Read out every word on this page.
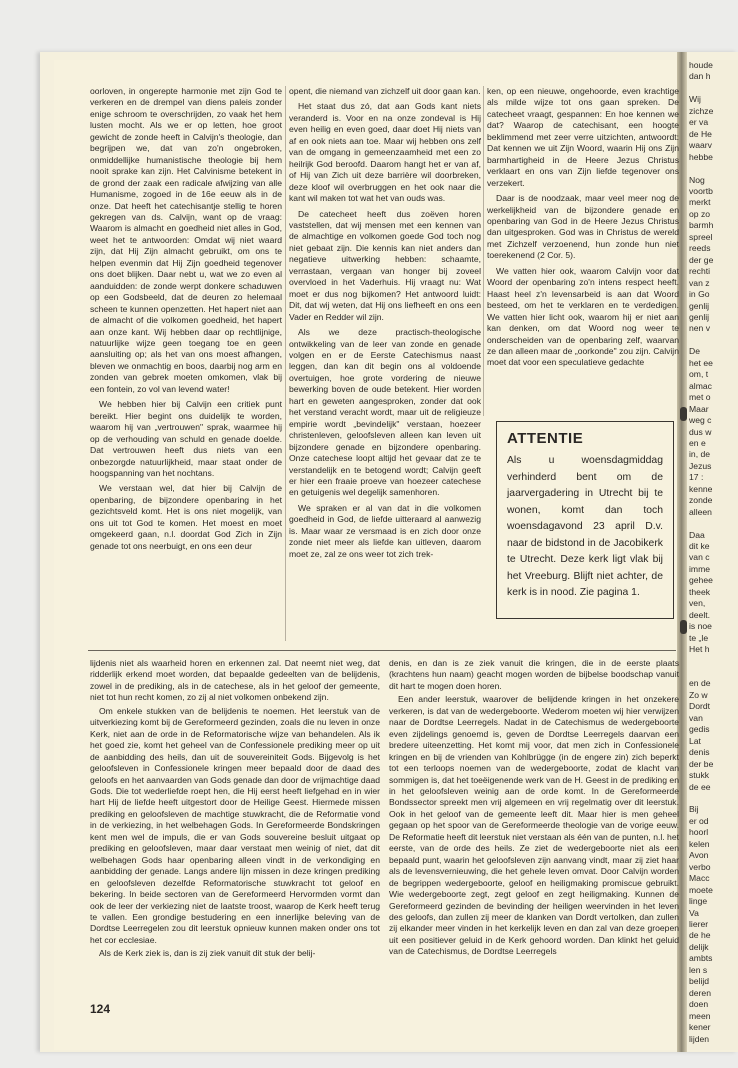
houde
dan h

Wij
zichze
er va
de He
waarv
hebbe

Nog
voortb
merkt
op zo
barmh
spreel
reeds
der ge
rechti
van z
in Go
genlij
genlij
nen v

De
het ee
om, t
almac
met o
Maar
weg c
dus w
en e
in, de
Jezus
17 :
kenne
zonde
alleen

Daa
dit ke
van c
imme
gehee
theek
ven,
deelt.
is noe
te „le
Het h

en de
Zo w
Dordt
van
gedis
Lat
denis
der be
stukk
de ee

Bij
er od
hoorl
kelen
Avon
verbo
Macc
moete
linge
Va
lierer
de he
delijk
ambts
len s
belijd
deren
doen
meen
kener
lijden

oorloven, in ongerepte harmonie met zijn God te verkeren en de drempel van diens paleis zonder enige schroom te overschrijden, zo vaak het hem lusten mocht. Als we er op letten, hoe groot gewicht de zonde heeft in Calvijn's theologie, dan begrijpen we, dat van zo'n ongebroken, onmiddellijke humanistische theologie bij hem nooit sprake kan zijn. Het Calvinisme betekent in de grond der zaak een radicale afwijzing van alle Humanisme, zogoed in de 16e eeuw als in de onze. Dat heeft het catechisantje stellig te horen gekregen van ds. Calvijn, want op de vraag: Waarom is almacht en goedheid niet alles in God, weet het te antwoorden: Omdat wij niet waard zijn, dat Hij Zijn almacht gebruikt, om ons te helpen evenmin dat Hij Zijn goedheid tegenover ons doet blijken. Daar nebt u, wat we zo even al aanduidden: de zonde werpt donkere schaduwen op een Godsbeeld, dat de deuren zo helemaal scheen te kunnen openzetten. Het hapert niet aan de almacht of die volkomen goedheid, het hapert aan onze kant. Wij hebben daar op rechtlijnige, natuurlijke wijze geen toegang toe en geen aansluiting op; als het van ons moest afhangen, bleven we onmachtig en boos, daarbij nog arm en zonden van gebrek moeten omkomen, vlak bij een fontein, zo vol van levend water!

We hebben hier bij Calvijn een critiek punt bereikt. Hier begint ons duidelijk te worden, waarom hij van „vertrouwen" sprak, waarmee hij op de verhouding van schuld en genade doelde. Dat vertrouwen heeft dus niets van een onbezorgde natuurlijkheid, maar staat onder de hoogspanning van het nochtans.

We verstaan wel, dat hier bij Calvijn de openbaring, de bijzondere openbaring in het gezichtsveld komt. Het is ons niet mogelijk, van ons uit tot God te komen. Het moest en moet omgekeerd gaan, n.l. doordat God Zich in Zijn genade tot ons neerbuigt, en ons een deur

opent, die niemand van zichzelf uit door gaan kan.

Het staat dus zó, dat aan Gods kant niets veranderd is. Voor en na onze zondeval is Hij even heilig en even goed, daar doet Hij niets van af en ook niets aan toe. Maar wij hebben ons zelf van de omgang in gemeenzaamheid met een zo heilrijk God beroofd. Daarom hangt het er van af, of Hij van Zich uit deze barrière wil doorbreken, deze kloof wil overbruggen en het ook naar die kant wil maken tot wat het van ouds was.

De catecheet heeft dus zoëven horen vaststellen, dat wij mensen met een kennen van de almachtige en volkomen goede God toch nog niet gebaat zijn. Die kennis kan niet anders dan negatieve uitwerking hebben: schaamte, verrastaan, vergaan van honger bij zoveel overvloed in het Vaderhuis. Hij vraagt nu: Wat moet er dus nog bijkomen? Het antwoord luidt: Dit, dat wij weten, dat Hij ons liefheeft en ons een Vader en Redder wil zijn.

Als we deze practisch-theologische ontwikkeling van de leer van zonde en genade volgen en er de Eerste Catechismus naast leggen, dan kan dit begin ons al voldoende overtuigen, hoe grote vordering de nieuwe bewerking boven de oude betekent. Hier worden hart en geweten aangesproken, zonder dat ook het verstand veracht wordt, maar uit de religieuze empirie wordt „bevindelijk" verstaan, hoezeer christenleven, geloofsleven alleen kan leven uit bijzondere genade en bijzondere openbaring. Onze catechese loopt altijd het gevaar dat ze te verstandelijk en te betogend wordt; Calvijn geeft er hier een fraaie proeve van hoezeer catechese en getuigenis wel degelijk samenhoren.

We spraken er al van dat in die volkomen goedheid in God, de liefde uitteraard al aanwezig is. Maar waar ze versmaad is en zich door onze zonde niet meer als liefde kan uitleven, daarom moet ze, zal ze ons weer tot zich trek-

ken, op een nieuwe, ongehoorde, even krachtige als milde wijze tot ons gaan spreken. De catecheet vraagt, gespannen: En hoe kennen we dat? Waarop de catechisant, een hoogte beklimmend met zeer verre uitzichten, antwoordt: Dat kennen we uit Zijn Woord, waarin Hij ons Zijn barmhartigheid in de Heere Jezus Christus verklaart en ons van Zijn liefde tegenover ons verzekert.

Daar is de noodzaak, maar veel meer nog de werkelijkheid van de bijzondere genade en openbaring van God in de Heere Jezus Christus dan uitgesproken. God was in Christus de wereld met Zichzelf verzoenend, hun zonde hun niet toerekenend (2 Cor. 5).

We vatten hier ook, waarom Calvijn voor dat Woord der openbaring zo'n intens respect heeft. Haast heel z'n levensarbeid is aan dat Woord besteed, om het te verklaren en te verdedigen. We vatten hier licht ook, waarom hij er niet aan kan denken, om dat Woord nog weer te onderscheiden van de openbaring zelf, waarvan ze dan alleen maar de „oorkonde" zou zijn. Calvijn moet dat voor een speculatieve gedachte

ATTENTIE

Als u woensdagmiddag verhinderd bent om de jaarvergadering in Utrecht bij te wonen, komt dan toch woensdagavond 23 april D.v. naar de bidstond in de Jacobikerk te Utrecht. Deze kerk ligt vlak bij het Vreeburg. Blijft niet achter, de kerk is in nood. Zie pagina 1.

lijdenis niet als waarheid horen en erkennen zal. Dat neemt niet weg, dat ridderlijk erkend moet worden, dat bepaalde gedeelten van de belijdenis, zowel in de prediking, als in de catechese, als in het geloof der gemeente, niet tot hun recht komen, zo zij al niet volkomen onbekend zijn.

Om enkele stukken van de belijdenis te noemen. Het leerstuk van de uitverkiezing komt bij de Gereformeerd gezinden, zoals die nu leven in onze Kerk, niet aan de orde in de Reformatorische wijze van behandelen. Als ik het goed zie, komt het geheel van de Confessionele prediking meer op uit de aanbidding des heils, dan uit de souvereiniteit Gods. Bijgevolg is het geloofsleven in Confessionele kringen meer bepaald door de daad des geloofs en het aanvaarden van Gods genade dan door de vrijmachtige daad Gods. Die tot wederliefde roept hen, die Hij eerst heeft liefgehad en in wier hart Hij de liefde heeft uitgestort door de Heilige Geest. Hiermede missen prediking en geloofsleven de machtige stuwkracht, die de Reformatie vond in de verkiezing, in het welbehagen Gods. In Gereformeerde Bondskringen kent men wel de impuls, die er van Gods souvereine besluit uitgaat op prediking en geloofsleven, maar daar verstaat men weinig of niet, dat dit welbehagen Gods haar openbaring alleen vindt in de verkondiging en aanbidding der genade. Langs andere lijn missen in deze kringen prediking en geloofsleven dezelfde Reformatorische stuwkracht tot geloof en bekering. In beide sectoren van de Gereformeerd Hervormden vormt dan ook de leer der verkiezing niet de laatste troost, waarop de Kerk heeft terug te vallen. Een grondige bestudering en een innerlijke beleving van de Dordtse Leerregelen zou dit leerstuk opnieuw kunnen maken onder ons tot het cor ecclesiae.

Als de Kerk ziek is, dan is zij ziek vanuit dit stuk der belij-

denis, en dan is ze ziek vanuit die kringen, die in de eerste plaats (krachtens hun naam) geacht mogen worden de bijbelse boodschap vanuit dit hart te mogen doen horen.

Een ander leerstuk, waarover de belijdende kringen in het onzekere verkeren, is dat van de wedergeboorte. Wederom moeten wij hier verwijzen naar de Dordtse Leerregels. Nadat in de Catechismus de wedergeboorte even zijdelings genoemd is, geven de Dordtse Leerregels daarvan een bredere uiteenzetting. Het komt mij voor, dat men zich in Confessionele kringen en bij de vrienden van Kohlbrügge (in de engere zin) zich beperkt tot een terloops noemen van de wedergeboorte, zodat de klacht van sommigen is, dat het toeëigenende werk van de H. Geest in de prediking en in het geloofsleven weinig aan de orde komt. In de Gereformeerde Bondssector spreekt men vrij algemeen en vrij regelmatig over dit leerstuk. Ook in het geloof van de gemeente leeft dit. Maar hier is men geheel gegaan op het spoor van de Gereformeerde theologie van de vorige eeuw. De Reformatie heeft dit leerstuk niet verstaan als één van de punten, n.l. het eerste, van de orde des heils. Ze ziet de wedergeboorte niet als een bepaald punt, waarin het geloofsleven zijn aanvang vindt, maar zij ziet haar als de levensvernieuwing, die het gehele leven omvat. Door Calvijn worden de begrippen wedergeboorte, geloof en heiligmaking promiscue gebruikt. Wie wedergeboorte zegt, zegt geloof en zegt heiligmaking. Kunnen de Gereformeerd gezinden de bevinding der heiligen weervinden in het leven des geloofs, dan zullen zij meer de klanken van Dordt vertolken, dan zullen zij elkander meer vinden in het kerkelijk leven en dan zal van deze groepen uit een positiever geluid in de Kerk gehoord worden. Dan klinkt het geluid van de Catechismus, de Dordtse Leerregels

124
